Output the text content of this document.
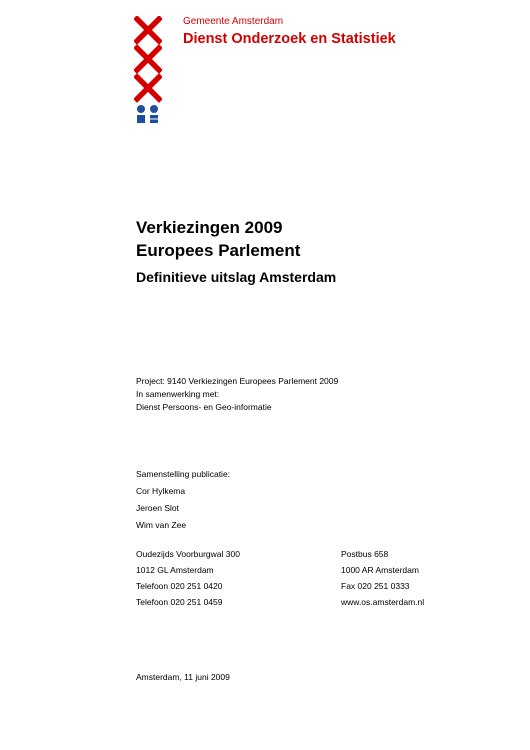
Gemeente Amsterdam
Dienst Onderzoek en Statistiek
Verkiezingen 2009
Europees Parlement
Definitieve uitslag Amsterdam
Project: 9140 Verkiezingen Europees Parlement 2009
In samenwerking met:
Dienst Persoons- en Geo-informatie
Samenstelling publicatie:
Cor Hylkema
Jeroen Slot
Wim van Zee
Oudezijds Voorburgwal 300	Postbus 658
1012 GL Amsterdam	1000 AR Amsterdam
Telefoon 020 251 0420	Fax 020 251 0333
Telefoon 020 251 0459	www.os.amsterdam.nl
Amsterdam, 11 juni 2009
